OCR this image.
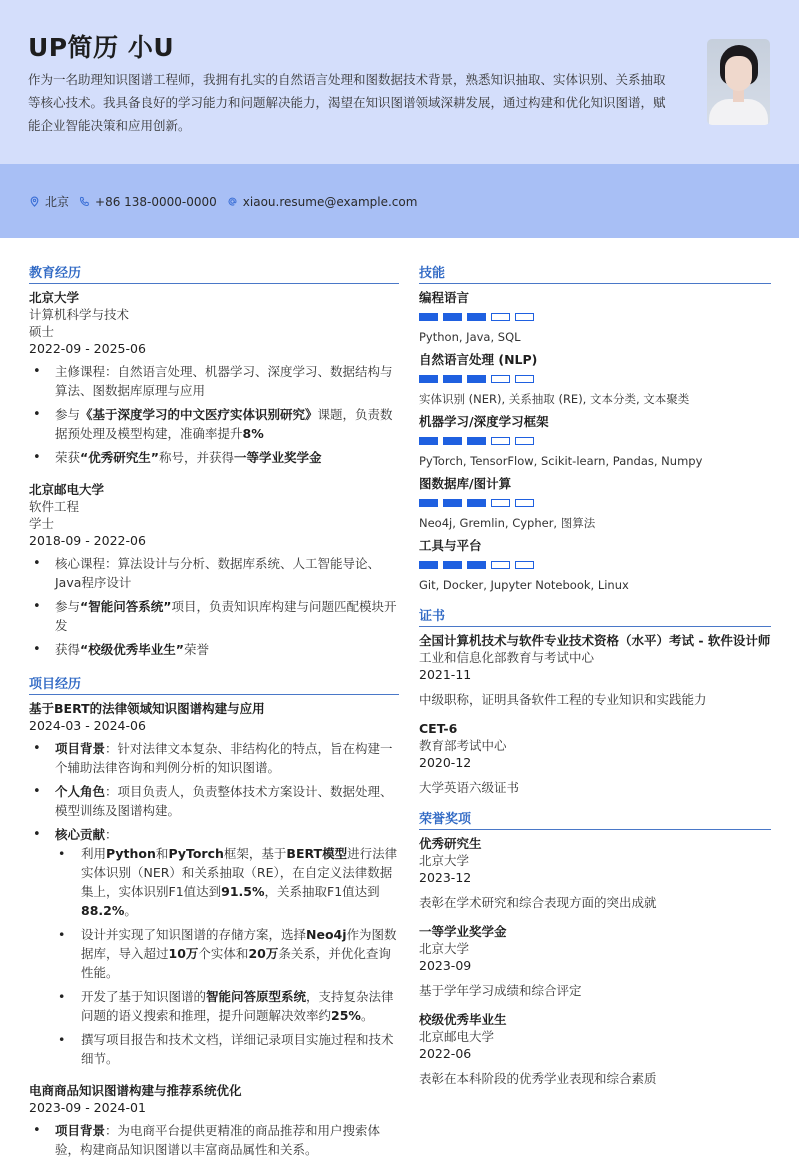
UP简历 小U
作为一名助理知识图谱工程师，我拥有扎实的自然语言处理和图数据技术背景，熟悉知识抽取、实体识别、关系抽取等核心技术。我具备良好的学习能力和问题解决能力，渴望在知识图谱领域深耕发展，通过构建和优化知识图谱，赋能企业智能决策和应用创新。
北京 +86 138-0000-0000 xiaou.resume@example.com
教育经历
北京大学
计算机科学与技术
硕士
2022-09 - 2025-06
• 主修课程：自然语言处理、机器学习、深度学习、数据结构与算法、图数据库原理与应用
• 参与《基于深度学习的中文医疗实体识别研究》课题，负责数据预处理及模型构建，准确率提升8%
• 荣获“优秀研究生”称号，并获得一等学业奖学金
北京邮电大学
软件工程
学士
2018-09 - 2022-06
• 核心课程：算法设计与分析、数据库系统、人工智能导论、Java程序设计
• 参与“智能问答系统”项目，负责知识库构建与问题匹配模块开发
• 获得“校级优秀毕业生”荣誉
项目经历
基于BERT的法律领域知识图谱构建与应用
2024-03 - 2024-06
• 项目背景：针对法律文本复杂、非结构化的特点，旨在构建一个辅助法律咨询和判例分析的知识图谱。
• 个人角色：项目负责人，负责整体技术方案设计、数据处理、模型训练及图谱构建。
• 核心贡献：
• 利用Python和PyTorch框架，基于BERT模型进行法律实体识别（NER）和关系抽取（RE），在自定义法律数据集上，实体识别F1值达到91.5%，关系抽取F1值达到88.2%。
• 设计并实现了知识图谱的存储方案，选择Neo4j作为图数据库，导入超过10万个实体和20万条关系，并优化查询性能。
• 开发了基于知识图谱的智能问答原型系统，支持复杂法律问题的语义搜索和推理，提升问题解决效率约25%。
• 撰写项目报告和技术文档，详细记录项目实施过程和技术细节。
电商商品知识图谱构建与推荐系统优化
2023-09 - 2024-01
• 项目背景：为电商平台提供更精准的商品推荐和用户搜索体验，构建商品知识图谱以丰富商品属性和关系。
技能
编程语言
Python, Java, SQL
自然语言处理 (NLP)
实体识别 (NER), 关系抽取 (RE), 文本分类, 文本聚类
机器学习/深度学习框架
PyTorch, TensorFlow, Scikit-learn, Pandas, Numpy
图数据库/图计算
Neo4j, Gremlin, Cypher, 图算法
工具与平台
Git, Docker, Jupyter Notebook, Linux
证书
全国计算机技术与软件专业技术资格（水平）考试 - 软件设计师
工业和信息化部教育与考试中心
2021-11
中级职称，证明具备软件工程的专业知识和实践能力
CET-6
教育部考试中心
2020-12
大学英语六级证书
荣誉奖项
优秀研究生
北京大学
2023-12
表彰在学术研究和综合表现方面的突出成就
一等学业奖学金
北京大学
2023-09
基于学年学习成绩和综合评定
校级优秀毕业生
北京邮电大学
2022-06
表彰在本科阶段的优秀学业表现和综合素质
